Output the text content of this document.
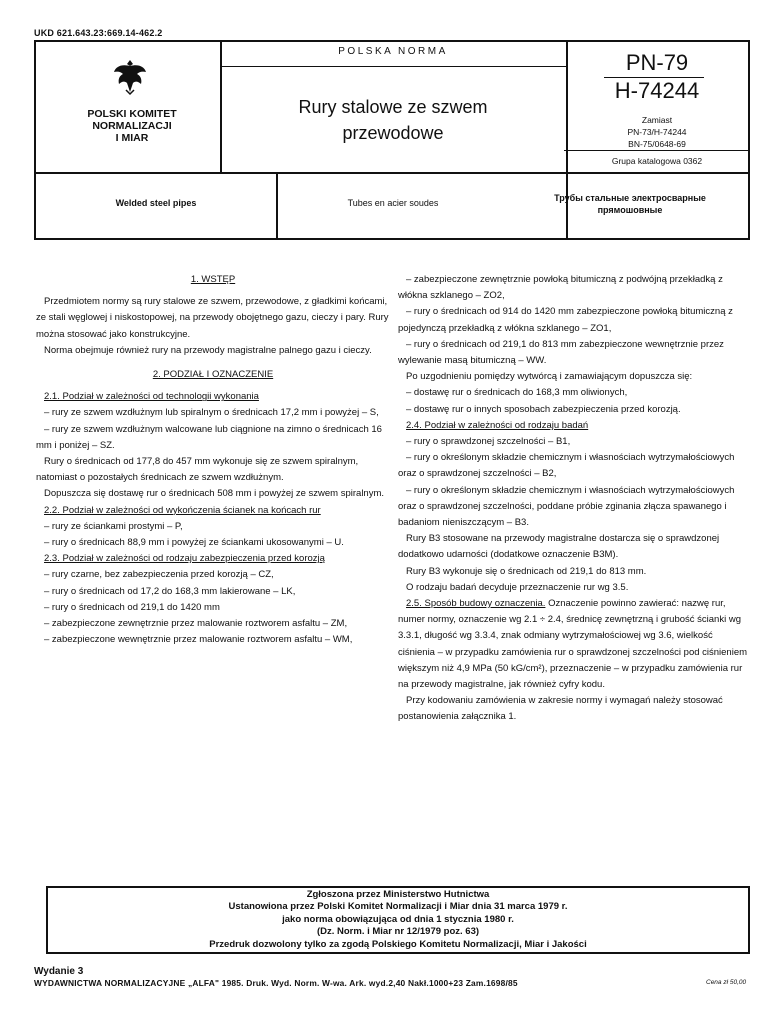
UKD 621.643.23:669.14-462.2
POLSKI KOMITET
NORMALIZACJI
I MIAR
POLSKA NORMA
Rury stalowe ze szwem
przewodowe
PN-79
H-74244
Zamiast
PN-73/H-74244
BN-75/0648-69
Grupa katalogowa 0362
Welded steel pipes	Tubes en acier soudes	Трубы стальные электросварные
прямошовные

1. WSTĘP

Przedmiotem normy są rury stalowe ze szwem, przewodowe, z gładkimi końcami, ze stali węglowej i niskostopowej, na przewody obojętnego gazu, cieczy i pary. Rury można stosować jako konstrukcyjne.

Norma obejmuje również rury na przewody magistralne palnego gazu i cieczy.

2. PODZIAŁ I OZNACZENIE

2.1. Podział w zależności od technologii wykonania

– rury ze szwem wzdłużnym lub spiralnym o średnicach 17,2 mm i powyżej – S,

– rury ze szwem wzdłużnym walcowane lub ciągnione na zimno o średnicach 16 mm i poniżej – SZ.

Rury o średnicach od 177,8 do 457 mm wykonuje się ze szwem spiralnym, natomiast o pozostałych średnicach ze szwem wzdłużnym.

Dopuszcza się dostawę rur o średnicach 508 mm i powyżej ze szwem spiralnym.

2.2. Podział w zależności od wykończenia ścianek na końcach rur

– rury ze ściankami prostymi – P,

– rury o średnicach 88,9 mm i powyżej ze ściankami ukosowanymi – U.

2.3. Podział w zależności od rodzaju zabezpieczenia przed korozją

– rury czarne, bez zabezpieczenia przed korozją – CZ,

– rury o średnicach od 17,2 do 168,3 mm lakierowane – LK,

– rury o średnicach od 219,1 do 1420 mm

– zabezpieczone zewnętrznie przez malowanie roztworem asfaltu – ZM,

– zabezpieczone wewnętrznie przez malowanie roztworem asfaltu – WM,

– zabezpieczone zewnętrznie powłoką bitumiczną z podwójną przekładką z włókna szklanego – ZO2,

– rury o średnicach od 914 do 1420 mm zabezpieczone powłoką bitumiczną z pojedynczą przekładką z włókna szklanego – ZO1,

– rury o średnicach od 219,1 do 813 mm zabezpieczone wewnętrznie przez wylewanie masą bitumiczną – WW.

Po uzgodnieniu pomiędzy wytwórcą i zamawiającym dopuszcza się:

– dostawę rur o średnicach do 168,3 mm oliwionych,

– dostawę rur o innych sposobach zabezpieczenia przed korozją.

2.4. Podział w zależności od rodzaju badań

– rury o sprawdzonej szczelności – B1,

– rury o określonym składzie chemicznym i własnościach wytrzymałościowych oraz o sprawdzonej szczelności – B2,

– rury o określonym składzie chemicznym i własnościach wytrzymałościowych oraz o sprawdzonej szczelności, poddane próbie zginania złącza spawanego i badaniom nieniszczącym – B3.

Rury B3 stosowane na przewody magistralne dostarcza się o sprawdzonej dodatkowo udarności (dodatkowe oznaczenie B3M).

Rury B3 wykonuje się o średnicach od 219,1 do 813 mm.

O rodzaju badań decyduje przeznaczenie rur wg 3.5.

2.5. Sposób budowy oznaczenia. Oznaczenie powinno zawierać: nazwę rur, numer normy, oznaczenie wg 2.1 ÷ 2.4, średnicę zewnętrzną i grubość ścianki wg 3.3.1, długość wg 3.3.4, znak odmiany wytrzymałościowej wg 3.6, wielkość ciśnienia – w przypadku zamówienia rur o sprawdzonej szczelności pod ciśnieniem większym niż 4,9 MPa (50 kG/cm²), przeznaczenie – w przypadku zamówienia rur na przewody magistralne, jak również cyfry kodu.

Przy kodowaniu zamówienia w zakresie normy i wymagań należy stosować postanowienia załącznika 1.

Zgłoszona przez Ministerstwo Hutnictwa
Ustanowiona przez Polski Komitet Normalizacji i Miar dnia 31 marca 1979 r.
jako norma obowiązująca od dnia 1 stycznia 1980 r.
(Dz. Norm. i Miar nr 12/1979 poz. 63)
Przedruk dozwolony tylko za zgodą Polskiego Komitetu Normalizacji, Miar i Jakości
Wydanie 3
WYDAWNICTWA NORMALIZACYJNE „ALFA" 1985. Druk. Wyd. Norm. W-wa. Ark. wyd.2,40 Nakł.1000+23 Zam.1698/85	Cena zł 50,00
